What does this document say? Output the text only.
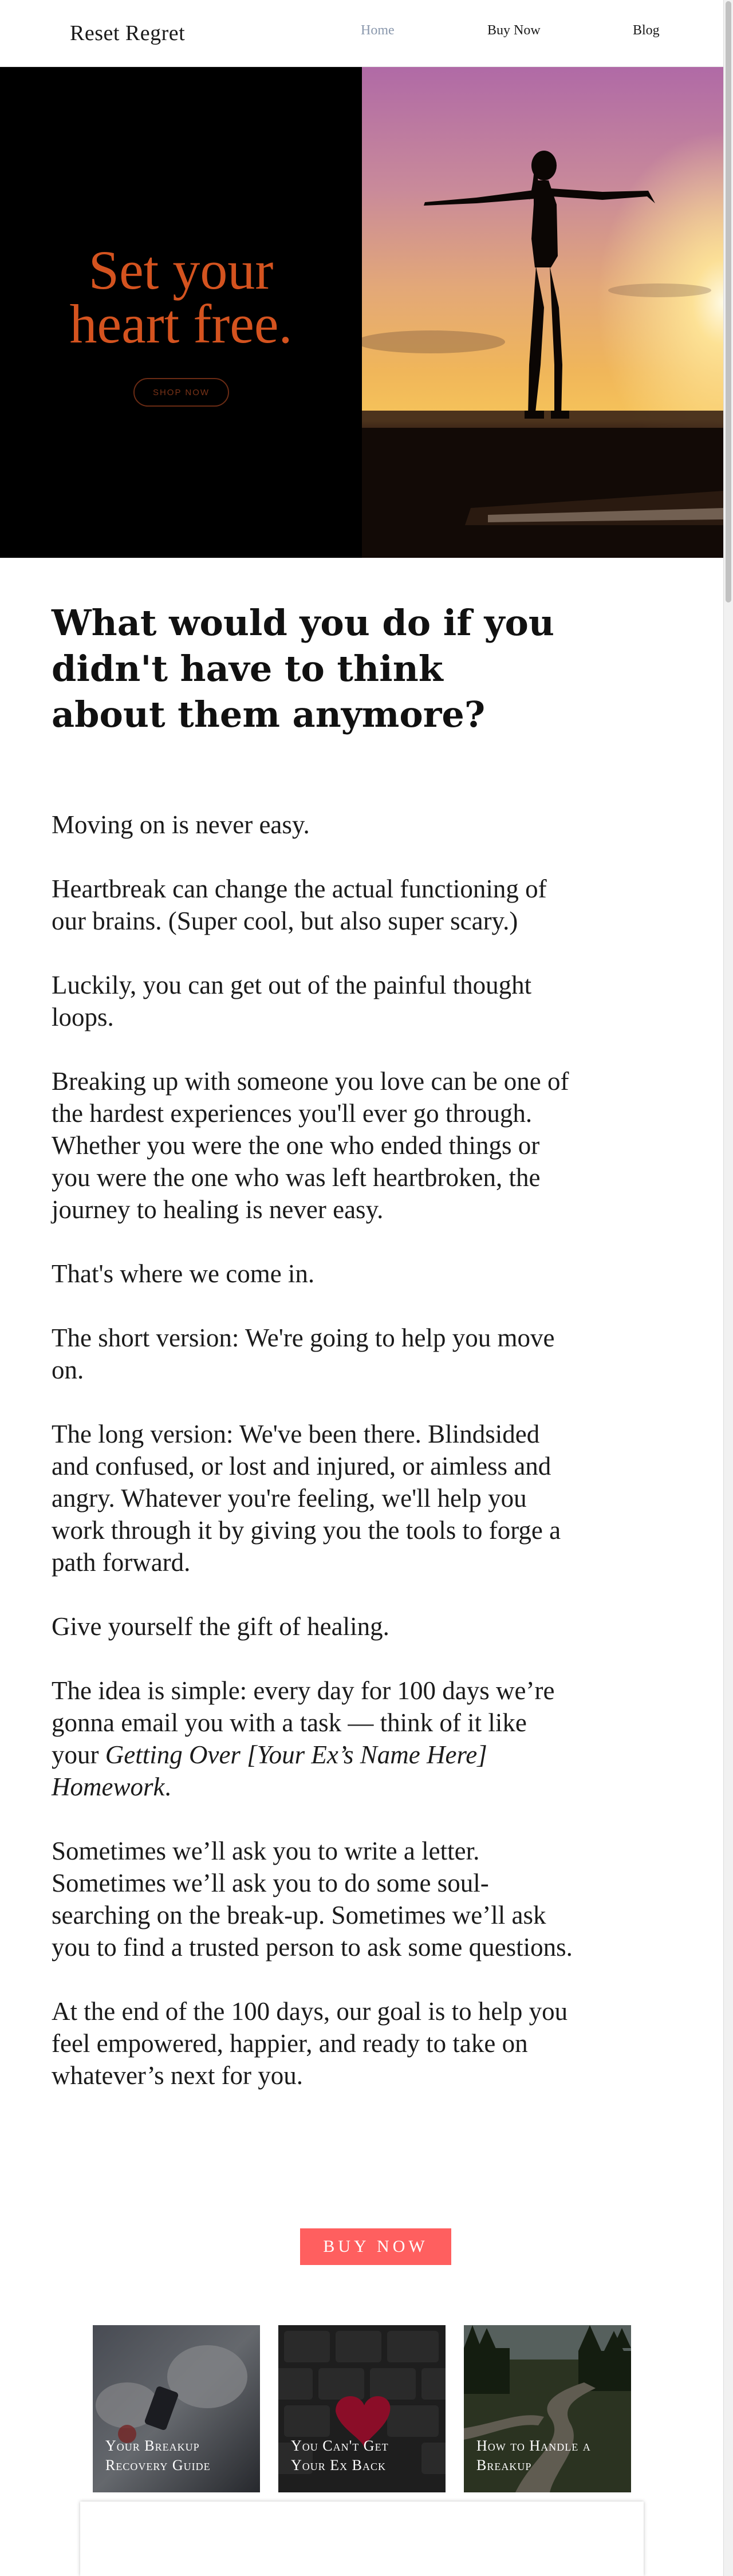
Reset Regret	Home	Buy Now	Blog
Set your
heart free.
SHOP NOW
What would you do if you didn't have to think about them anymore?

Moving on is never easy.

Heartbreak can change the actual functioning of our brains. (Super cool, but also super scary.)

Luckily, you can get out of the painful thought loops.

Breaking up with someone you love can be one of the hardest experiences you'll ever go through. Whether you were the one who ended things or you were the one who was left heartbroken, the journey to healing is never easy.

That's where we come in.

The short version: We're going to help you move on.

The long version: We've been there. Blindsided and confused, or lost and injured, or aimless and angry. Whatever you're feeling, we'll help you work through it by giving you the tools to forge a path forward.

Give yourself the gift of healing.

The idea is simple: every day for 100 days we’re gonna email you with a task — think of it like your Getting Over [Your Ex’s Name Here] Homework.

Sometimes we’ll ask you to write a letter. Sometimes we’ll ask you to do some soul-searching on the break-up. Sometimes we’ll ask you to find a trusted person to ask some questions.

At the end of the 100 days, our goal is to help you feel empowered, happier, and ready to take on whatever’s next for you.

BUY NOW
Your Breakup Recovery Guide
You Can't Get Your Ex Back
How to Handle a Breakup
